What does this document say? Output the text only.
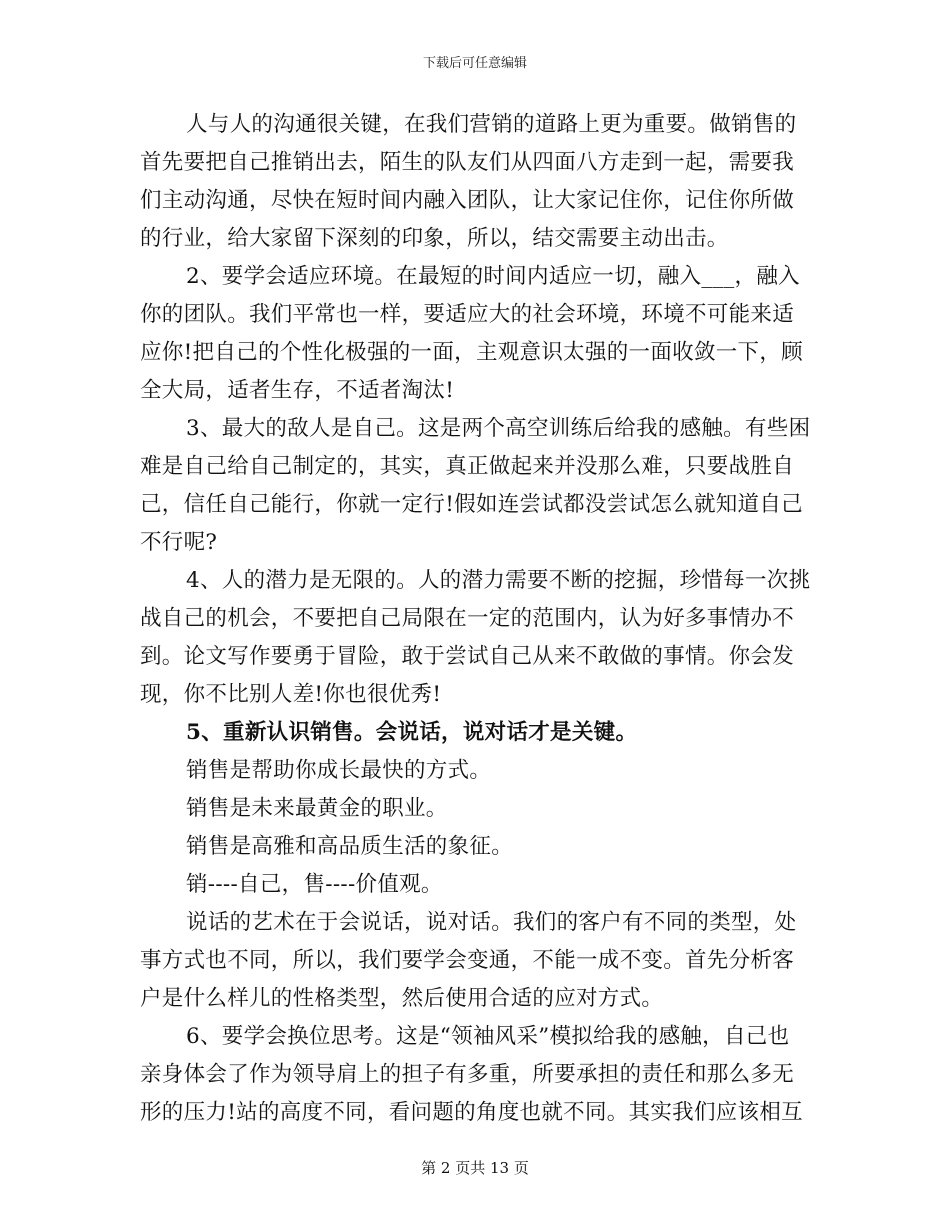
下载后可任意编辑
人与人的沟通很关键，在我们营销的道路上更为重要。做销售的
首先要把自己推销出去，陌生的队友们从四面八方走到一起，需要我
们主动沟通，尽快在短时间内融入团队，让大家记住你，记住你所做
的行业，给大家留下深刻的印象，所以，结交需要主动出击。
2、要学会适应环境。在最短的时间内适应一切，融入___，融入
你的团队。我们平常也一样，要适应大的社会环境，环境不可能来适
应你!把自己的个性化极强的一面，主观意识太强的一面收敛一下，顾
全大局，适者生存，不适者淘汰!
3、最大的敌人是自己。这是两个高空训练后给我的感触。有些困
难是自己给自己制定的，其实，真正做起来并没那么难，只要战胜自
己，信任自己能行，你就一定行!假如连尝试都没尝试怎么就知道自己
不行呢?
4、人的潜力是无限的。人的潜力需要不断的挖掘，珍惜每一次挑
战自己的机会，不要把自己局限在一定的范围内，认为好多事情办不
到。论文写作要勇于冒险，敢于尝试自己从来不敢做的事情。你会发
现，你不比别人差!你也很优秀!
5、重新认识销售。会说话，说对话才是关键。
销售是帮助你成长最快的方式。
销售是未来最黄金的职业。
销售是高雅和高品质生活的象征。
销----自己，售----价值观。
说话的艺术在于会说话，说对话。我们的客户有不同的类型，处
事方式也不同，所以，我们要学会变通，不能一成不变。首先分析客
户是什么样儿的性格类型，然后使用合适的应对方式。
6、要学会换位思考。这是“领袖风采”模拟给我的感触，自己也
亲身体会了作为领导肩上的担子有多重，所要承担的责任和那么多无
形的压力!站的高度不同，看问题的角度也就不同。其实我们应该相互
第 2 页共 13 页
